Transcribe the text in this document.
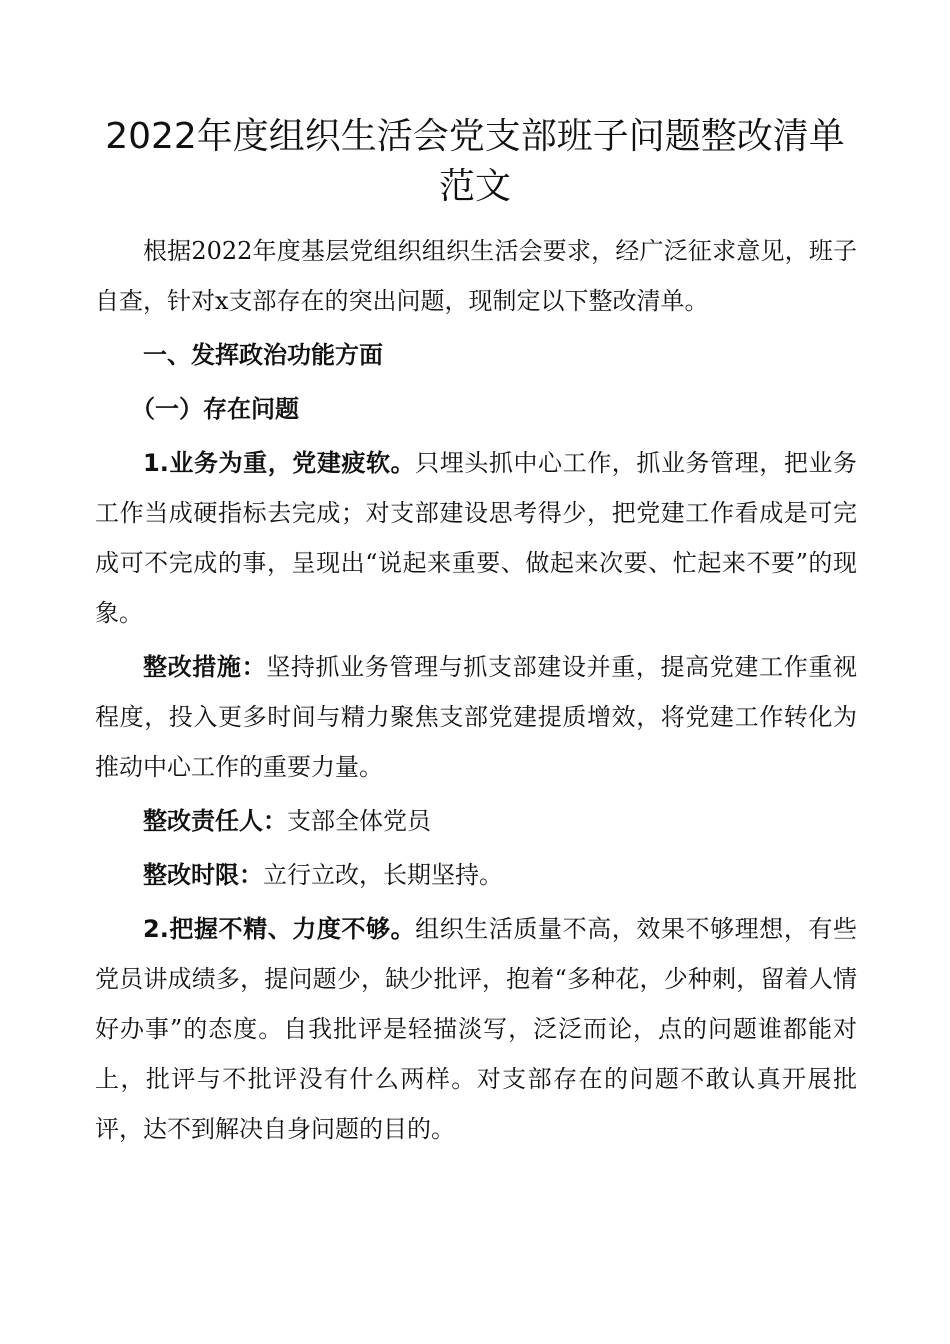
2022年度组织生活会党支部班子问题整改清单范文

根据2022年度基层党组织组织生活会要求，经广泛征求意见，班子自查，针对x支部存在的突出问题，现制定以下整改清单。

一、发挥政治功能方面

（一）存在问题

1.业务为重，党建疲软。只埋头抓中心工作，抓业务管理，把业务工作当成硬指标去完成；对支部建设思考得少，把党建工作看成是可完成可不完成的事，呈现出“说起来重要、做起来次要、忙起来不要”的现象。

整改措施：坚持抓业务管理与抓支部建设并重，提高党建工作重视程度，投入更多时间与精力聚焦支部党建提质增效，将党建工作转化为推动中心工作的重要力量。

整改责任人：支部全体党员

整改时限：立行立改，长期坚持。

2.把握不精、力度不够。组织生活质量不高，效果不够理想，有些党员讲成绩多，提问题少，缺少批评，抱着“多种花，少种刺，留着人情好办事”的态度。自我批评是轻描淡写，泛泛而论，点的问题谁都能对上，批评与不批评没有什么两样。对支部存在的问题不敢认真开展批评，达不到解决自身问题的目的。
